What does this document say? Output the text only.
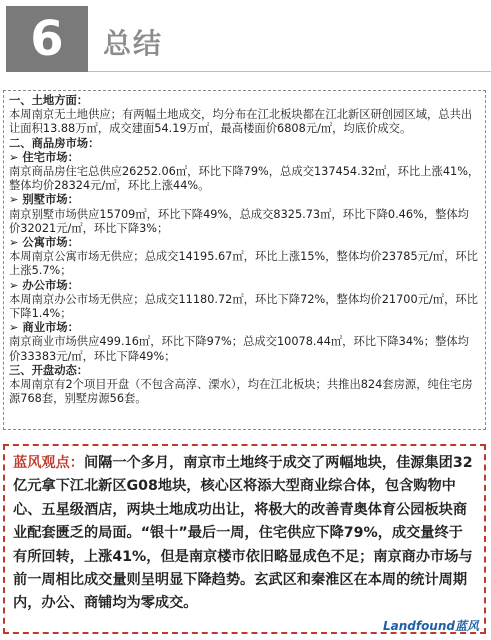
6 总结

一、土地方面：

本周南京无土地供应；有两幅土地成交，均分布在江北板块都在江北新区研创园区域，总共出让面积13.88万㎡，成交建面54.19万㎡，最高楼面价6808元/㎡，均底价成交。

二、商品房市场：

➢ 住宅市场：

南京商品房住宅总供应26252.06㎡，环比下降79%，总成交137454.32㎡，环比上涨41%，整体均价28324元/㎡，环比上涨44%。

➢ 别墅市场：

南京别墅市场供应15709㎡，环比下降49%，总成交8325.73㎡，环比下降0.46%，整体均价32021元/㎡，环比下降3%；

➢ 公寓市场：

本周南京公寓市场无供应；总成交14195.67㎡，环比上涨15%，整体均价23785元/㎡，环比上涨5.7%；

➢ 办公市场：

本周南京办公市场无供应；总成交11180.72㎡，环比下降72%，整体均价21700元/㎡，环比下降1.4%；

➢ 商业市场：

南京商业市场供应499.16㎡，环比下降97%；总成交10078.44㎡，环比下降34%；整体均价33383元/㎡，环比下降49%；

三、开盘动态：

本周南京有2个项目开盘（不包含高淳、溧水），均在江北板块；共推出824套房源，纯住宅房源768套，别墅房源56套。

蓝风观点：间隔一个多月，南京市土地终于成交了两幅地块，佳源集团32亿元拿下江北新区G08地块，核心区将添大型商业综合体，包含购物中心、五星级酒店，两块土地成功出让，将极大的改善青奥体育公园板块商业配套匮乏的局面。“银十”最后一周，住宅供应下降79%，成交量终于有所回转，上涨41%，但是南京楼市依旧略显成色不足；南京商办市场与前一周相比成交量则呈明显下降趋势。玄武区和秦淮区在本周的统计周期内，办公、商铺均为零成交。
Landfound蓝风
